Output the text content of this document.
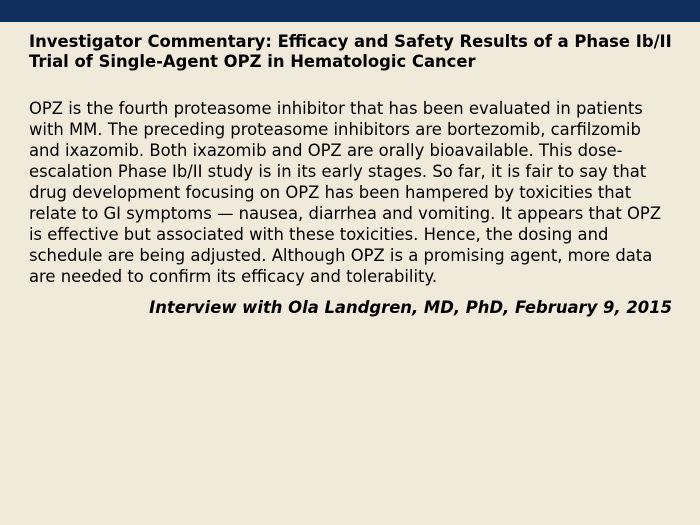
Investigator Commentary: Efficacy and Safety Results of a Phase Ib/II Trial of Single-Agent OPZ in Hematologic Cancer

OPZ is the fourth proteasome inhibitor that has been evaluated in patients with MM. The preceding proteasome inhibitors are bortezomib, carfilzomib and ixazomib. Both ixazomib and OPZ are orally bioavailable. This dose-escalation Phase Ib/II study is in its early stages. So far, it is fair to say that drug development focusing on OPZ has been hampered by toxicities that relate to GI symptoms — nausea, diarrhea and vomiting. It appears that OPZ is effective but associated with these toxicities. Hence, the dosing and schedule are being adjusted. Although OPZ is a promising agent, more data are needed to confirm its efficacy and tolerability.

Interview with Ola Landgren, MD, PhD, February 9, 2015
